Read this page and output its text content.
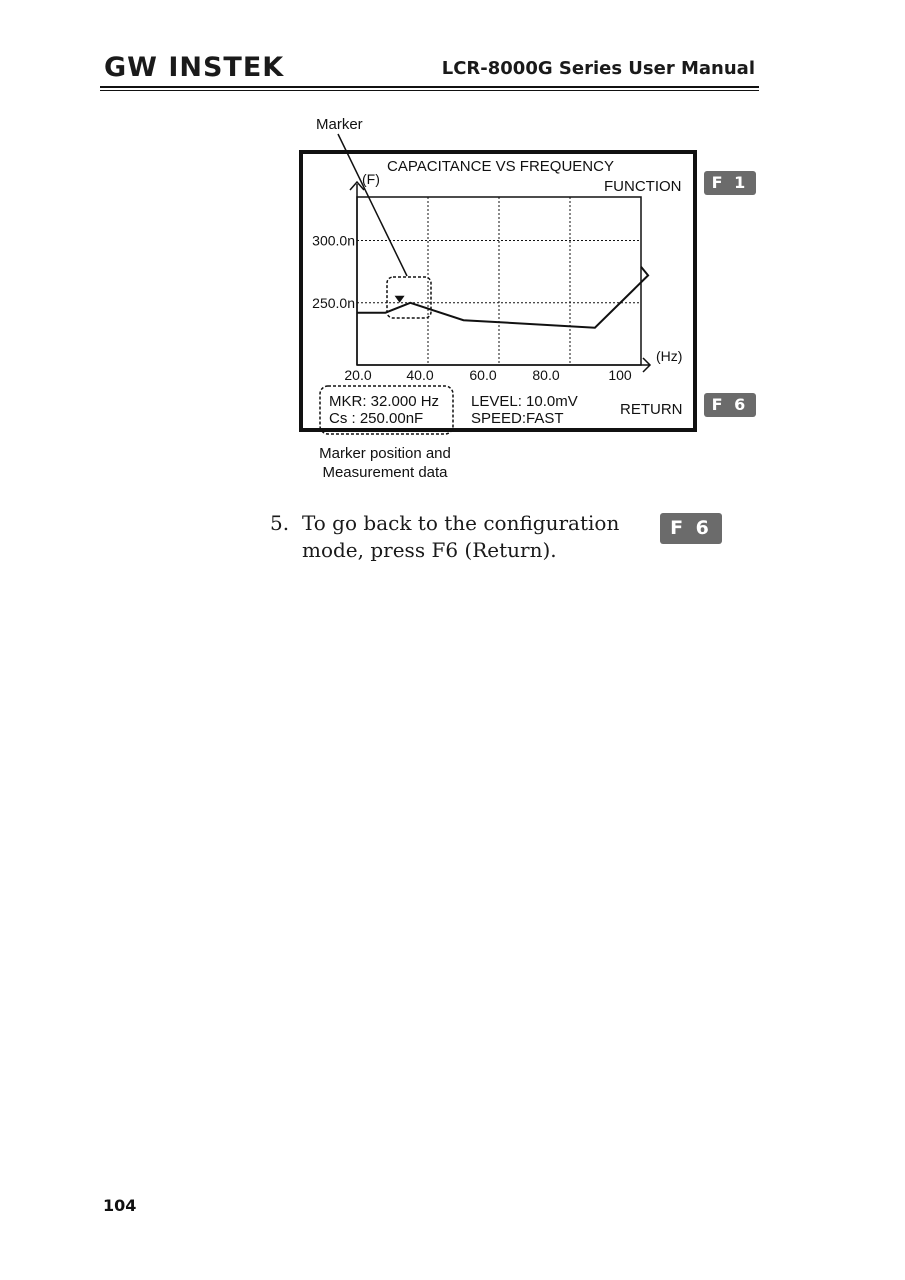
GW INSTEK	LCR-8000G Series User Manual
Marker
20.0 40.0	60.0	80.0	100
300.0n
250.0n
CAPACITANCE VS FREQUENCY
(F)
(Hz)
FUNCTION
RETURN
MKR: 32.000 Hz
Cs : 250.00nF
LEVEL: 10.0mV
SPEED:FAST
F 1
F 6
Marker position and Measurement data
5. To go back to the configuration mode, press F6 (Return).
F 6
104
